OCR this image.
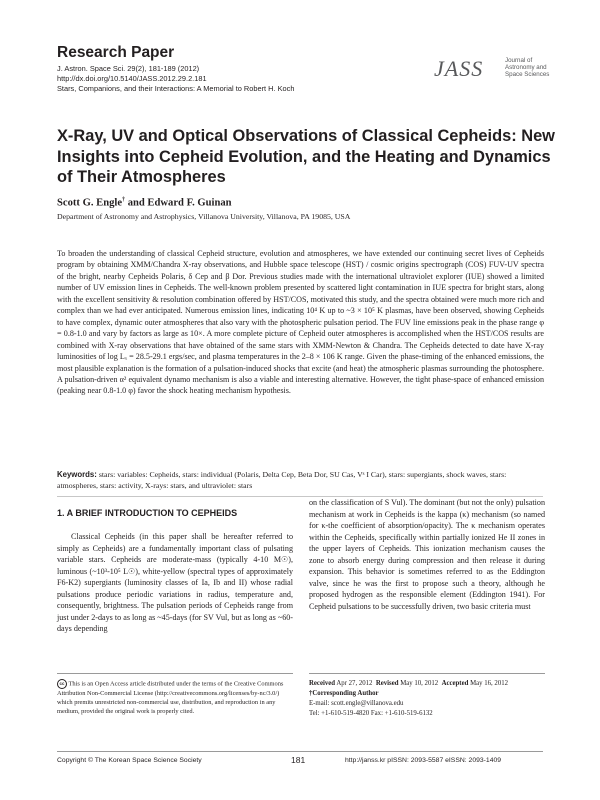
Research Paper
J. Astron. Space Sci. 29(2), 181-189 (2012)
http://dx.doi.org/10.5140/JASS.2012.29.2.181
Stars, Companions, and their Interactions: A Memorial to Robert H. Koch
JASS	Journal of
Astronomy and
Space Sciences
X-Ray, UV and Optical Observations of Classical Cepheids: New Insights into Cepheid Evolution, and the Heating and Dynamics of Their Atmospheres
Scott G. Engle† and Edward F. Guinan
Department of Astronomy and Astrophysics, Villanova University, Villanova, PA 19085, USA

To broaden the understanding of classical Cepheid structure, evolution and atmospheres, we have extended our continuing secret lives of Cepheids program by obtaining XMM/Chandra X-ray observations, and Hubble space telescope (HST) / cosmic origins spectrograph (COS) FUV-UV spectra of the bright, nearby Cepheids Polaris, δ Cep and β Dor. Previous studies made with the international ultraviolet explorer (IUE) showed a limited number of UV emission lines in Cepheids. The well-known problem presented by scattered light contamination in IUE spectra for bright stars, along with the excellent sensitivity & resolution combination offered by HST/COS, motivated this study, and the spectra obtained were much more rich and complex than we had ever anticipated. Numerous emission lines, indicating 10⁴ K up to ~3 × 10⁵ K plasmas, have been observed, showing Cepheids to have complex, dynamic outer atmospheres that also vary with the photospheric pulsation period. The FUV line emissions peak in the phase range φ = 0.8-1.0 and vary by factors as large as 10×. A more complete picture of Cepheid outer atmospheres is accomplished when the HST/COS results are combined with X-ray observations that have obtained of the same stars with XMM-Newton & Chandra. The Cepheids detected to date have X-ray luminosities of log Lₓ = 28.5-29.1 ergs/sec, and plasma temperatures in the 2–8 × 106 K range. Given the phase-timing of the enhanced emissions, the most plausible explanation is the formation of a pulsation-induced shocks that excite (and heat) the atmospheric plasmas surrounding the photosphere. A pulsation-driven α² equivalent dynamo mechanism is also a viable and interesting alternative. However, the tight phase-space of enhanced emission (peaking near 0.8-1.0 φ) favor the shock heating mechanism hypothesis.

Keywords: stars: variables: Cepheids, stars: individual (Polaris, Delta Cep, Beta Dor, SU Cas, Vˢ I Car), stars: supergiants, shock waves, stars: atmospheres, stars: activity, X-rays: stars, and ultraviolet: stars
1. A BRIEF INTRODUCTION TO CEPHEIDS

Classical Cepheids (in this paper shall be hereafter referred to simply as Cepheids) are a fundamentally important class of pulsating variable stars. Cepheids are moderate-mass (typically 4-10 M☉), luminous (~10³-10⁵ L☉), white-yellow (spectral types of approximately F6-K2) supergiants (luminosity classes of Ia, Ib and II) whose radial pulsations produce periodic variations in radius, temperature and, consequently, brightness. The pulsation periods of Cepheids range from just under 2-days to as long as ~45-days (for SV Vul, but as long as ~60-days depending

on the classification of S Vul). The dominant (but not the only) pulsation mechanism at work in Cepheids is the kappa (κ) mechanism (so named for κ-the coefficient of absorption/opacity). The κ mechanism operates within the Cepheids, specifically within partially ionized He II zones in the upper layers of Cepheids. This ionization mechanism causes the zone to absorb energy during compression and then release it during expansion. This behavior is sometimes referred to as the Eddington valve, since he was the first to propose such a theory, although he proposed hydrogen as the responsible element (Eddington 1941). For Cepheid pulsations to be successfully driven, two basic criteria must

cc This is an Open Access article distributed under the terms of the Creative Commons Attribution Non-Commercial License (http://creativecommons.org/licenses/by-nc/3.0/) which premits unrestricted non-commercial use, distribution, and reproduction in any medium, provided the original work is properly cited.
Received Apr 27, 2012 Revised May 10, 2012 Accepted May 16, 2012
†Corresponding Author
E-mail: scott.engle@villanova.edu
Tel: +1-610-519-4820 Fax: +1-610-519-6132
Copyright © The Korean Space Science Society	181	http://janss.kr pISSN: 2093-5587 eISSN: 2093-1409
